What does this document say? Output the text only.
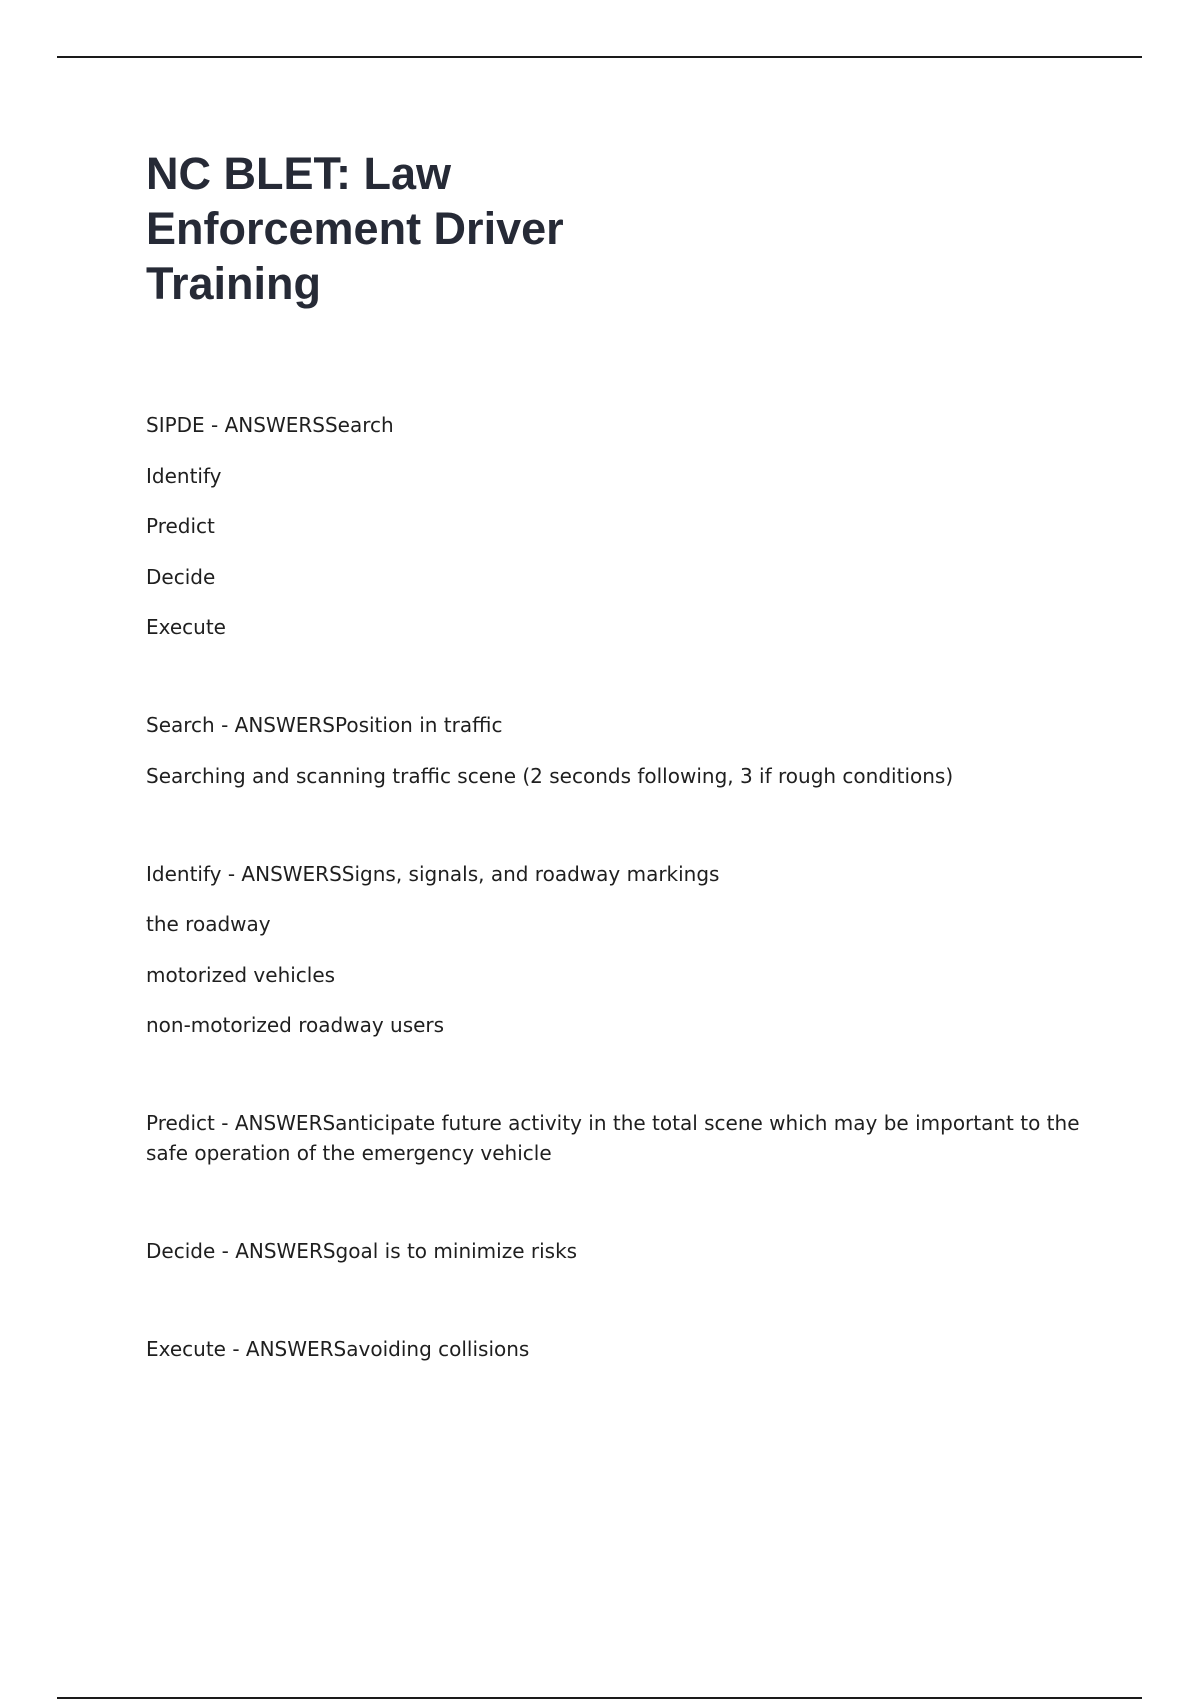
NC BLET: Law
Enforcement Driver
Training

SIPDE - ANSWERSSearch

Identify

Predict

Decide

Execute

Search - ANSWERSPosition in traffic

Searching and scanning traffic scene (2 seconds following, 3 if rough conditions)

Identify - ANSWERSSigns, signals, and roadway markings

the roadway

motorized vehicles

non-motorized roadway users

Predict - ANSWERSanticipate future activity in the total scene which may be important to the safe operation of the emergency vehicle

Decide - ANSWERSgoal is to minimize risks

Execute - ANSWERSavoiding collisions
